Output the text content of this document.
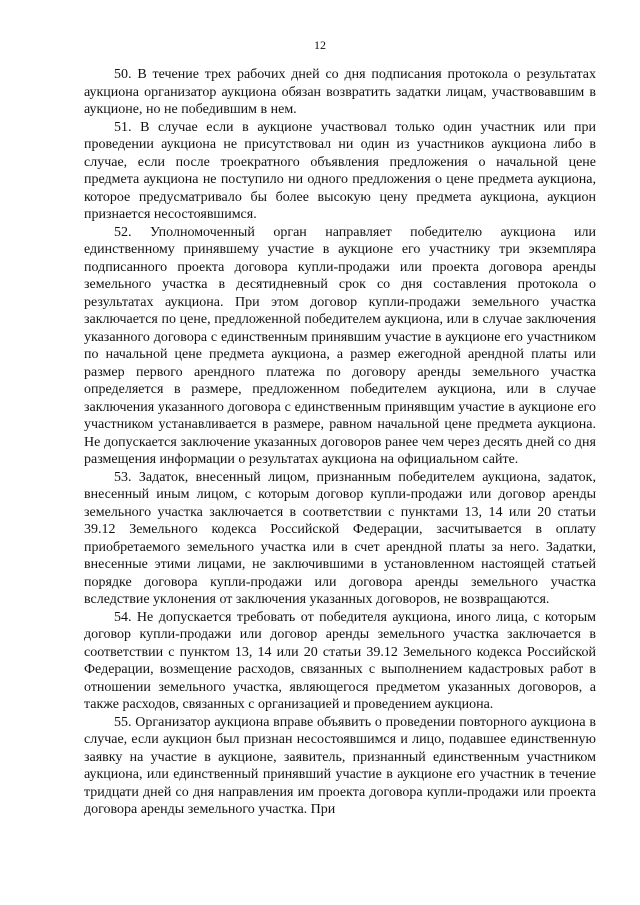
12

50. В течение трех рабочих дней со дня подписания протокола о результатах аукциона организатор аукциона обязан возвратить задатки лицам, участвовавшим в аукционе, но не победившим в нем.

51. В случае если в аукционе участвовал только один участник или при проведении аукциона не присутствовал ни один из участников аукциона либо в случае, если после троекратного объявления предложения о начальной цене предмета аукциона не поступило ни одного предложения о цене предмета аукциона, которое предусматривало бы более высокую цену предмета аукциона, аукцион признается несостоявшимся.

52. Уполномоченный орган направляет победителю аукциона или единственному принявшему участие в аукционе его участнику три экземпляра подписанного проекта договора купли-продажи или проекта договора аренды земельного участка в десятидневный срок со дня составления протокола о результатах аукциона. При этом договор купли-продажи земельного участка заключается по цене, предложенной победителем аукциона, или в случае заключения указанного договора с единственным принявшим участие в аукционе его участником по начальной цене предмета аукциона, а размер ежегодной арендной платы или размер первого арендного платежа по договору аренды земельного участка определяется в размере, предложенном победителем аукциона, или в случае заключения указанного договора с единственным принявщим участие в аукционе его участником устанавливается в размере, равном начальной цене предмета аукциона. Не допускается заключение указанных договоров ранее чем через десять дней со дня размещения информации о результатах аукциона на официальном сайте.

53. Задаток, внесенный лицом, признанным победителем аукциона, задаток, внесенный иным лицом, с которым договор купли-продажи или договор аренды земельного участка заключается в соответствии с пунктами 13, 14 или 20 статьи 39.12 Земельного кодекса Российской Федерации, засчитывается в оплату приобретаемого земельного участка или в счет арендной платы за него. Задатки, внесенные этими лицами, не заключившими в установленном настоящей статьей порядке договора купли-продажи или договора аренды земельного участка вследствие уклонения от заключения указанных договоров, не возвращаются.

54. Не допускается требовать от победителя аукциона, иного лица, с которым договор купли-продажи или договор аренды земельного участка заключается в соответствии с пунктом 13, 14 или 20 статьи 39.12 Земельного кодекса Российской Федерации, возмещение расходов, связанных с выполнением кадастровых работ в отношении земельного участка, являющегося предметом указанных договоров, а также расходов, связанных с организацией и проведением аукциона.

55. Организатор аукциона вправе объявить о проведении повторного аукциона в случае, если аукцион был признан несостоявшимся и лицо, подавшее единственную заявку на участие в аукционе, заявитель, признанный единственным участником аукциона, или единственный принявший участие в аукционе его участник в течение тридцати дней со дня направления им проекта договора купли-продажи или проекта договора аренды земельного участка. При
